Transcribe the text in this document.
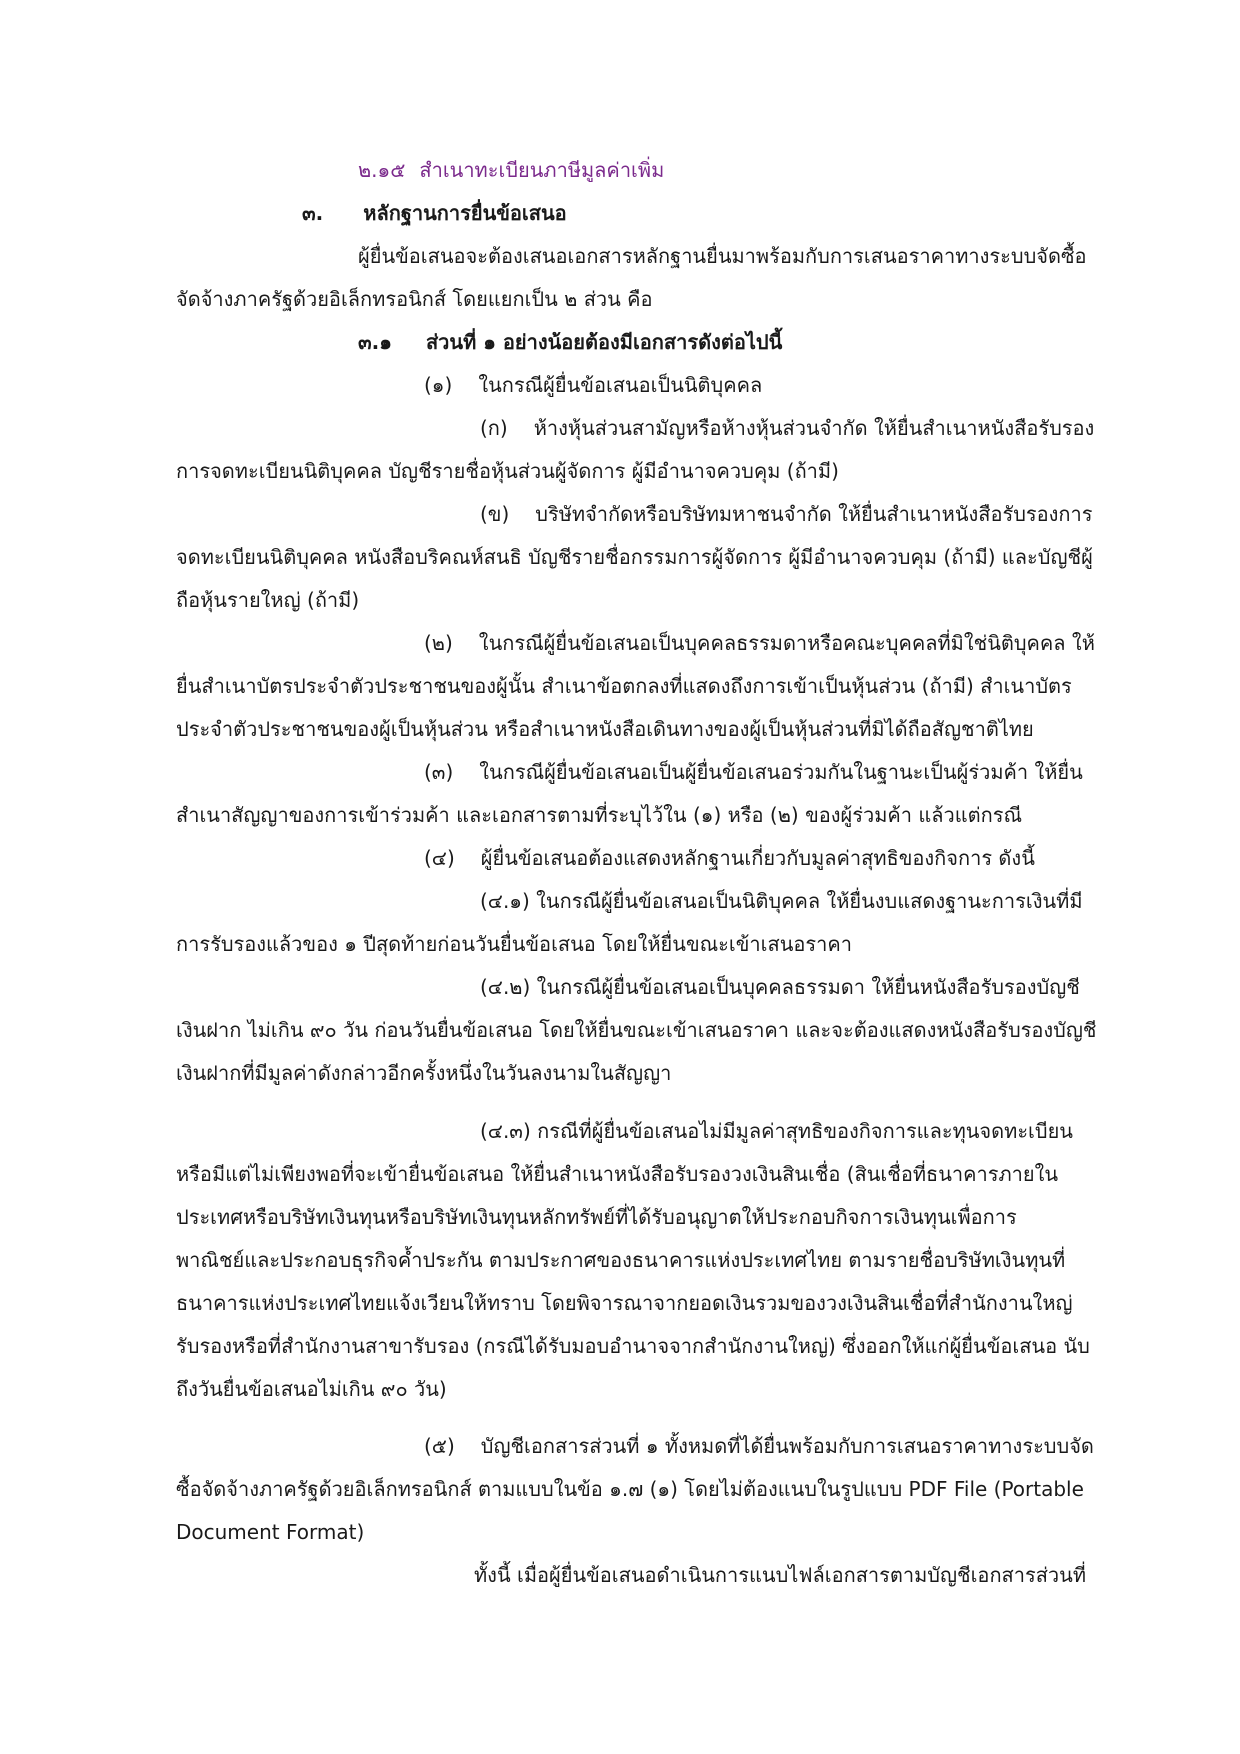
๒.๑๕ สำเนาทะเบียนภาษีมูลค่าเพิ่ม
๓. หลักฐานการยื่นข้อเสนอ
ผู้ยื่นข้อเสนอจะต้องเสนอเอกสารหลักฐานยื่นมาพร้อมกับการเสนอราคาทางระบบจัดซื้อ
จัดจ้างภาครัฐด้วยอิเล็กทรอนิกส์ โดยแยกเป็น ๒ ส่วน คือ
๓.๑ ส่วนที่ ๑ อย่างน้อยต้องมีเอกสารดังต่อไปนี้
(๑) ในกรณีผู้ยื่นข้อเสนอเป็นนิติบุคคล
(ก) ห้างหุ้นส่วนสามัญหรือห้างหุ้นส่วนจำกัด ให้ยื่นสำเนาหนังสือรับรอง
การจดทะเบียนนิติบุคคล บัญชีรายชื่อหุ้นส่วนผู้จัดการ ผู้มีอำนาจควบคุม (ถ้ามี)
(ข) บริษัทจำกัดหรือบริษัทมหาชนจำกัด ให้ยื่นสำเนาหนังสือรับรองการ
จดทะเบียนนิติบุคคล หนังสือบริคณห์สนธิ บัญชีรายชื่อกรรมการผู้จัดการ ผู้มีอำนาจควบคุม (ถ้ามี) และบัญชีผู้
ถือหุ้นรายใหญ่ (ถ้ามี)
(๒) ในกรณีผู้ยื่นข้อเสนอเป็นบุคคลธรรมดาหรือคณะบุคคลที่มิใช่นิติบุคคล ให้
ยื่นสำเนาบัตรประจำตัวประชาชนของผู้นั้น สำเนาข้อตกลงที่แสดงถึงการเข้าเป็นหุ้นส่วน (ถ้ามี) สำเนาบัตร
ประจำตัวประชาชนของผู้เป็นหุ้นส่วน หรือสำเนาหนังสือเดินทางของผู้เป็นหุ้นส่วนที่มิได้ถือสัญชาติไทย
(๓) ในกรณีผู้ยื่นข้อเสนอเป็นผู้ยื่นข้อเสนอร่วมกันในฐานะเป็นผู้ร่วมค้า ให้ยื่น
สำเนาสัญญาของการเข้าร่วมค้า และเอกสารตามที่ระบุไว้ใน (๑) หรือ (๒) ของผู้ร่วมค้า แล้วแต่กรณี
(๔) ผู้ยื่นข้อเสนอต้องแสดงหลักฐานเกี่ยวกับมูลค่าสุทธิของกิจการ ดังนี้
(๔.๑) ในกรณีผู้ยื่นข้อเสนอเป็นนิติบุคคล ให้ยื่นงบแสดงฐานะการเงินที่มี
การรับรองแล้วของ ๑ ปีสุดท้ายก่อนวันยื่นข้อเสนอ โดยให้ยื่นขณะเข้าเสนอราคา
(๔.๒) ในกรณีผู้ยื่นข้อเสนอเป็นบุคคลธรรมดา ให้ยื่นหนังสือรับรองบัญชี
เงินฝาก ไม่เกิน ๙๐ วัน ก่อนวันยื่นข้อเสนอ โดยให้ยื่นขณะเข้าเสนอราคา และจะต้องแสดงหนังสือรับรองบัญชี
เงินฝากที่มีมูลค่าดังกล่าวอีกครั้งหนึ่งในวันลงนามในสัญญา
(๔.๓) กรณีที่ผู้ยื่นข้อเสนอไม่มีมูลค่าสุทธิของกิจการและทุนจดทะเบียน
หรือมีแต่ไม่เพียงพอที่จะเข้ายื่นข้อเสนอ ให้ยื่นสำเนาหนังสือรับรองวงเงินสินเชื่อ (สินเชื่อที่ธนาคารภายใน
ประเทศหรือบริษัทเงินทุนหรือบริษัทเงินทุนหลักทรัพย์ที่ได้รับอนุญาตให้ประกอบกิจการเงินทุนเพื่อการ
พาณิชย์และประกอบธุรกิจค้ำประกัน ตามประกาศของธนาคารแห่งประเทศไทย ตามรายชื่อบริษัทเงินทุนที่
ธนาคารแห่งประเทศไทยแจ้งเวียนให้ทราบ โดยพิจารณาจากยอดเงินรวมของวงเงินสินเชื่อที่สำนักงานใหญ่
รับรองหรือที่สำนักงานสาขารับรอง (กรณีได้รับมอบอำนาจจากสำนักงานใหญ่) ซึ่งออกให้แก่ผู้ยื่นข้อเสนอ นับ
ถึงวันยื่นข้อเสนอไม่เกิน ๙๐ วัน)
(๕) บัญชีเอกสารส่วนที่ ๑ ทั้งหมดที่ได้ยื่นพร้อมกับการเสนอราคาทางระบบจัด
ซื้อจัดจ้างภาครัฐด้วยอิเล็กทรอนิกส์ ตามแบบในข้อ ๑.๗ (๑) โดยไม่ต้องแนบในรูปแบบ PDF File (Portable
Document Format)
ทั้งนี้ เมื่อผู้ยื่นข้อเสนอดำเนินการแนบไฟล์เอกสารตามบัญชีเอกสารส่วนที่
